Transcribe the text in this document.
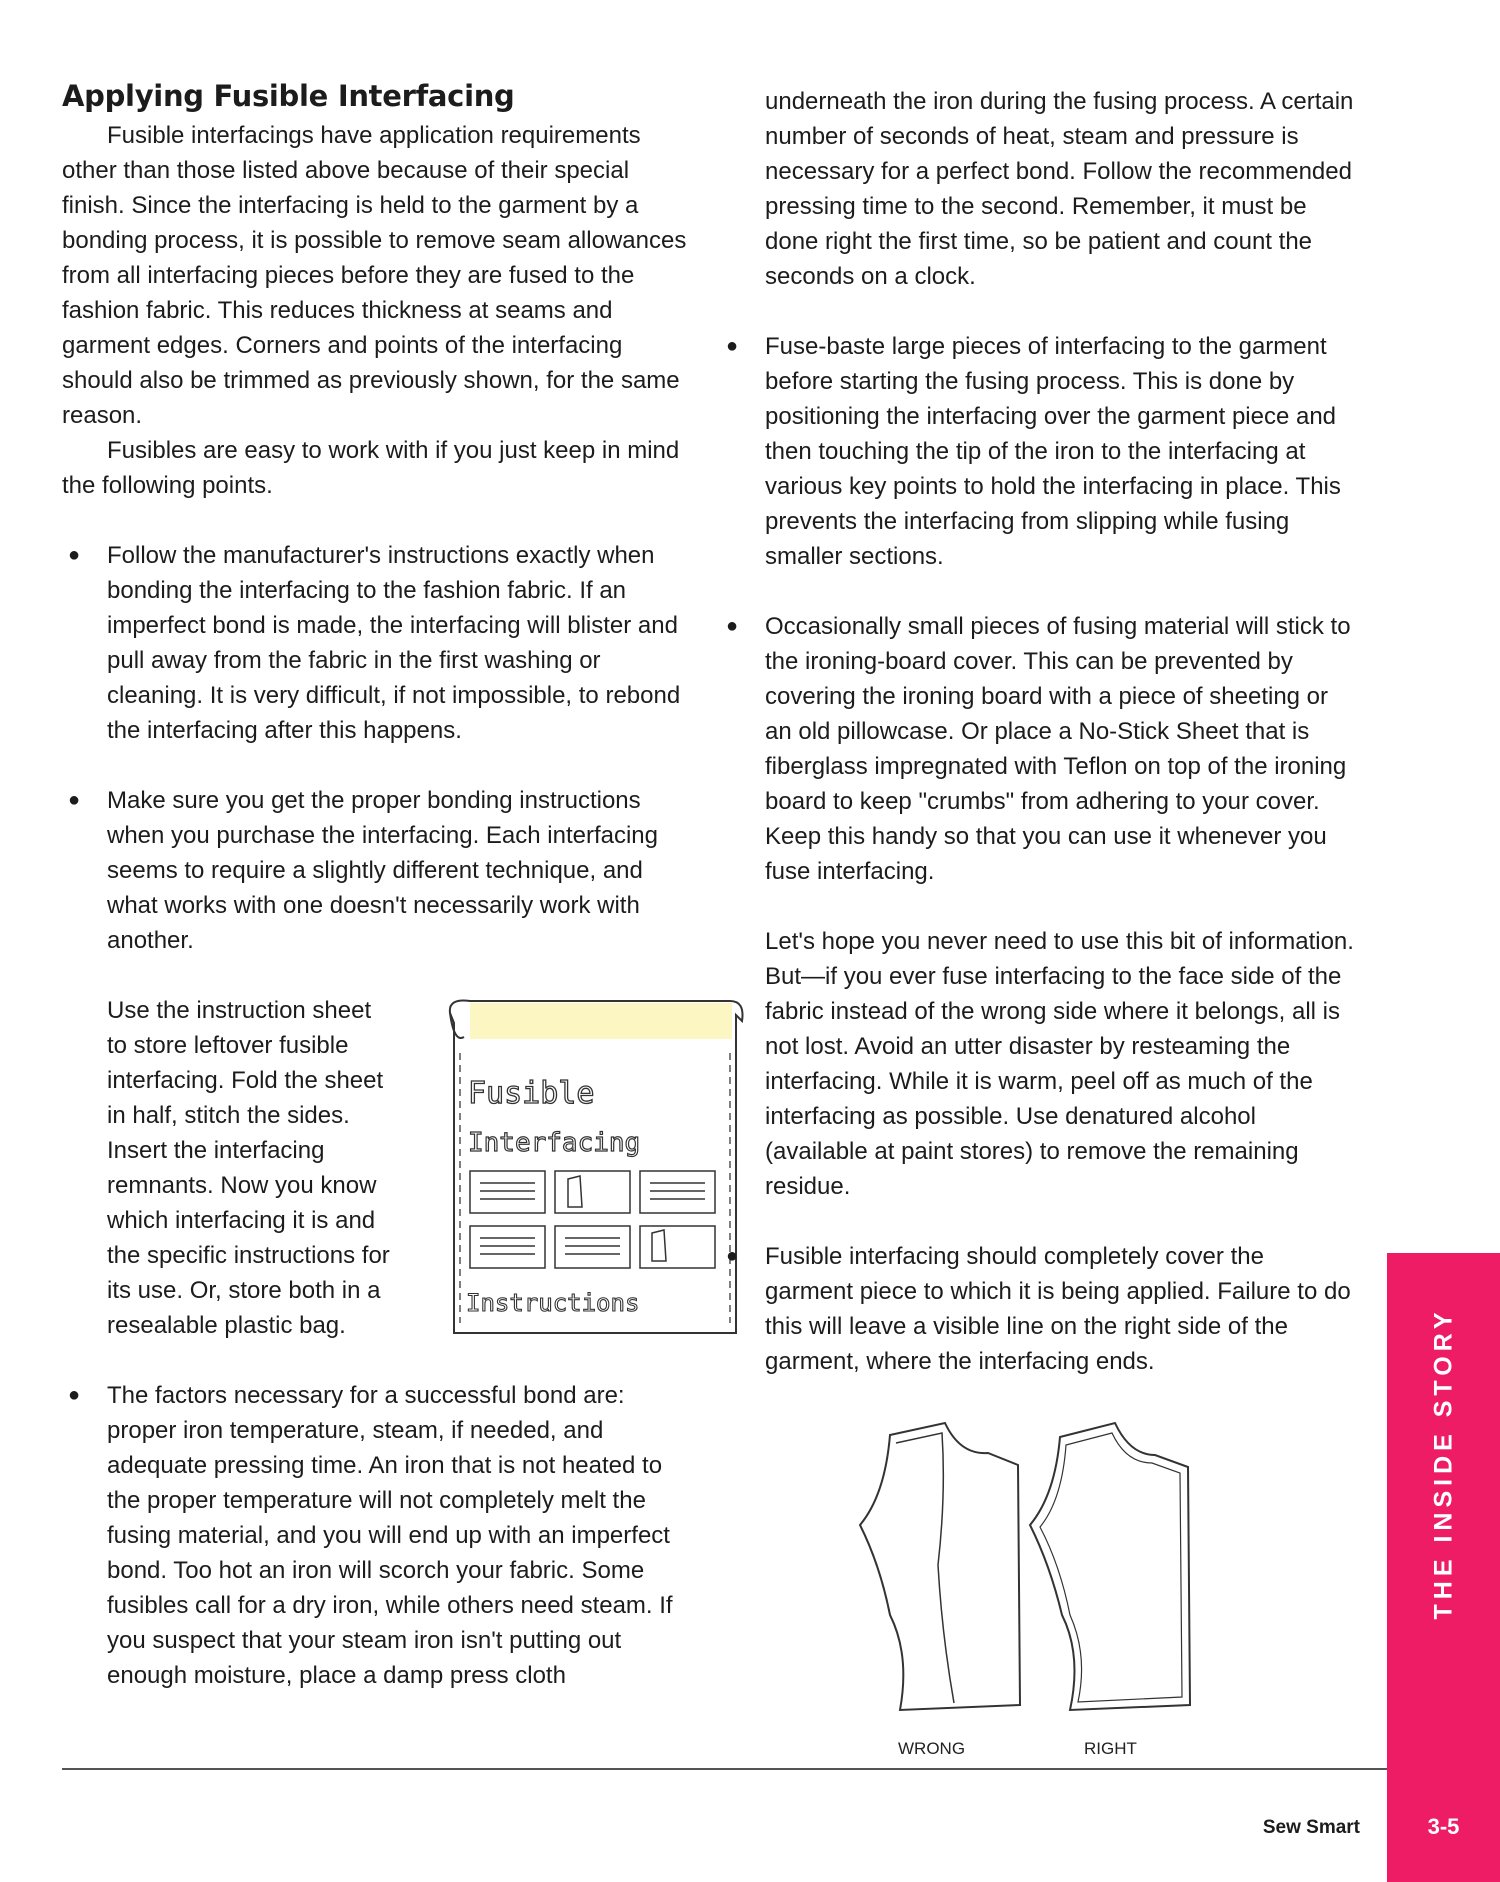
Applying Fusible Interfacing

Fusible interfacings have application requirements other than those listed above because of their special finish. Since the interfacing is held to the garment by a bonding process, it is possible to remove seam allowances from all interfacing pieces before they are fused to the fashion fabric. This reduces thickness at seams and garment edges. Corners and points of the interfacing should also be trimmed as previously shown, for the same reason.

Fusibles are easy to work with if you just keep in mind the following points.

● Follow the manufacturer's instructions exactly when bonding the interfacing to the fashion fabric. If an imperfect bond is made, the interfacing will blister and pull away from the fabric in the first washing or cleaning. It is very difficult, if not impossible, to rebond the interfacing after this happens.

● Make sure you get the proper bonding instructions when you purchase the interfacing. Each interfacing seems to require a slightly different technique, and what works with one doesn't necessarily work with another.

Use the instruction sheet to store leftover fusible interfacing. Fold the sheet in half, stitch the sides. Insert the interfacing remnants. Now you know which interfacing it is and the specific instructions for its use. Or, store both in a resealable plastic bag.

Fusible
Interfacing
Instructions
● The factors necessary for a successful bond are: proper iron temperature, steam, if needed, and adequate pressing time. An iron that is not heated to the proper temperature will not completely melt the fusing material, and you will end up with an imperfect bond. Too hot an iron will scorch your fabric. Some fusibles call for a dry iron, while others need steam. If you suspect that your steam iron isn't putting out enough moisture, place a damp press cloth

underneath the iron during the fusing process. A certain number of seconds of heat, steam and pressure is necessary for a perfect bond. Follow the recommended pressing time to the second. Remember, it must be done right the first time, so be patient and count the seconds on a clock.

● Fuse-baste large pieces of interfacing to the garment before starting the fusing process. This is done by positioning the interfacing over the garment piece and then touching the tip of the iron to the interfacing at various key points to hold the interfacing in place. This prevents the interfacing from slipping while fusing smaller sections.

● Occasionally small pieces of fusing material will stick to the ironing-board cover. This can be prevented by covering the ironing board with a piece of sheeting or an old pillowcase. Or place a No-Stick Sheet that is fiberglass impregnated with Teflon on top of the ironing board to keep "crumbs" from adhering to your cover. Keep this handy so that you can use it whenever you fuse interfacing.

Let's hope you never need to use this bit of information. But—if you ever fuse interfacing to the face side of the fabric instead of the wrong side where it belongs, all is not lost. Avoid an utter disaster by resteaming the interfacing. While it is warm, peel off as much of the interfacing as possible. Use denatured alcohol (available at paint stores) to remove the remaining residue.

● Fusible interfacing should completely cover the garment piece to which it is being applied. Failure to do this will leave a visible line on the right side of the garment, where the interfacing ends.

WRONG	RIGHT
THE INSIDE STORY
Sew Smart	3-5
